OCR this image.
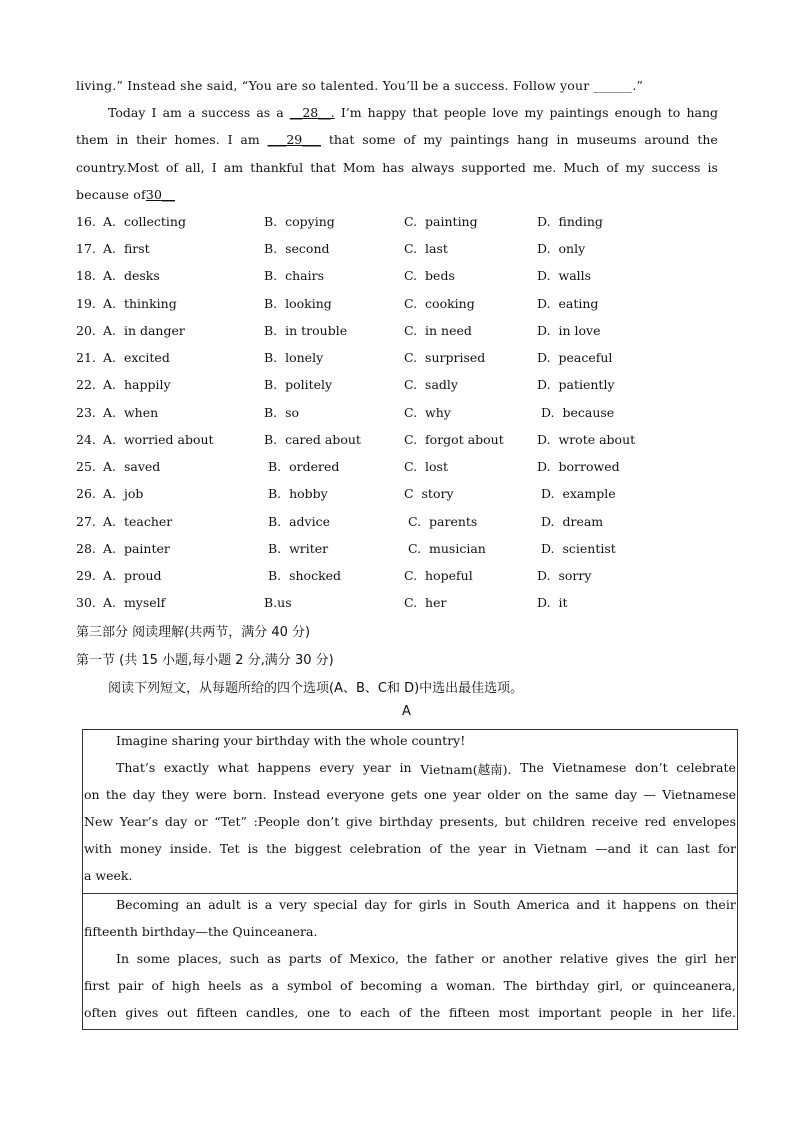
living.” Instead she said, “You are so talented. You’ll be a success. Follow your ______.”
Today I am a success as a __28__. I’m happy that people love my paintings enough to hang
them in their homes. I am ___29___ that some of my paintings hang in museums around the
country.Most of all, I am thankful that Mom has always supported me. Much of my success is
because of30__
16. A.  collecting	B.  copying	C.  painting	D.  finding
17. A.  first	B.  second	C.  last	D.  only
18. A.  desks	B.  chairs	C.  beds	D.  walls
19. A.  thinking	B.  looking	C.  cooking	D.  eating
20. A.  in danger	B.  in trouble	C.  in need	D.  in love
21. A.  excited	B.  lonely	C.  surprised	D.  peaceful
22. A.  happily	B.  politely	C.  sadly	D.  patiently
23. A.  when	B.  so	C.  why	D.  because
24. A.  worried about	B.  cared about	C.  forgot about	D.  wrote about
25. A.  saved	B.  ordered	C.  lost	D.  borrowed
26. A.  job	B.  hobby	C  story	D.  example
27. A.  teacher	B.  advice	C.  parents	D.  dream
28. A.  painter	B.  writer	C.  musician	D.  scientist
29. A.  proud	B.  shocked	C.  hopeful	D.  sorry
30. A.  myself	B.us	C.  her	D.  it
第三部分 阅读理解(共两节，满分 40 分)
第一节 (共 15 小题,每小题 2 分,满分 30 分)
阅读下列短文，从每题所给的四个选项(A、B、C和 D)中选出最佳选项。
A
Imagine sharing your birthday with the whole country!
That’s exactly what happens every year in Vietnam(越南). The Vietnamese don’t celebrate
on the day they were born. Instead everyone gets one year older on the same day — Vietnamese
New Year’s day or “Tet” :People don’t give birthday presents, but children receive red envelopes
with money inside. Tet is the biggest celebration of the year in Vietnam —and it can last for
a week.
Becoming an adult is a very special day for girls in South America and it happens on their
fifteenth birthday—the Quinceanera.
In some places, such as parts of Mexico, the father or another relative gives the girl her
first pair of high heels as a symbol of becoming a woman. The birthday girl, or quinceanera,
often gives out fifteen candles, one to each of the fifteen most important people in her life.
